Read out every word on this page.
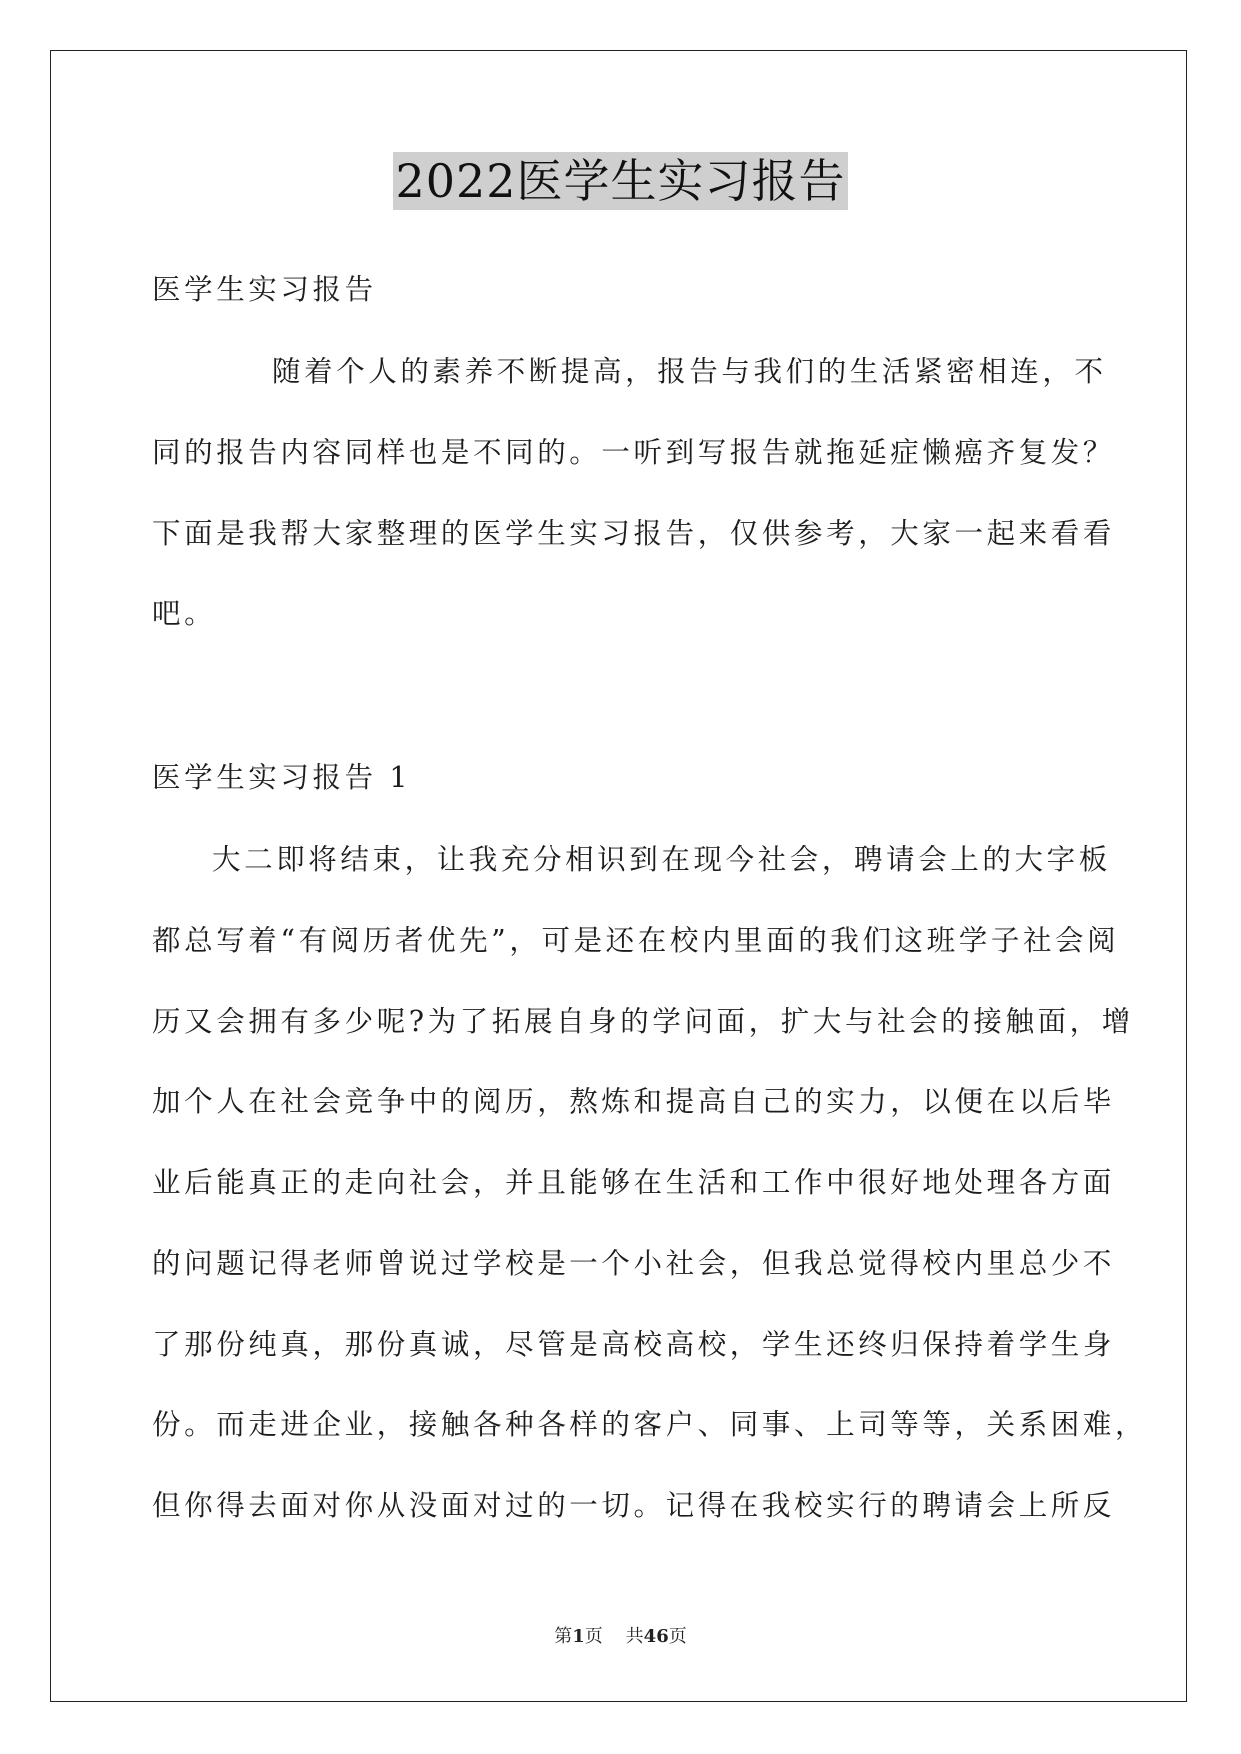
2022医学生实习报告
医学生实习报告
随着个人的素养不断提高，报告与我们的生活紧密相连，不
同的报告内容同样也是不同的。一听到写报告就拖延症懒癌齐复发？
下面是我帮大家整理的医学生实习报告，仅供参考，大家一起来看看
吧。
医学生实习报告 1
大二即将结束，让我充分相识到在现今社会，聘请会上的大字板
都总写着“有阅历者优先”，可是还在校内里面的我们这班学子社会阅
历又会拥有多少呢?为了拓展自身的学问面，扩大与社会的接触面，增
加个人在社会竞争中的阅历，熬炼和提高自己的实力，以便在以后毕
业后能真正的走向社会，并且能够在生活和工作中很好地处理各方面
的问题记得老师曾说过学校是一个小社会，但我总觉得校内里总少不
了那份纯真，那份真诚，尽管是高校高校，学生还终归保持着学生身
份。而走进企业，接触各种各样的客户、同事、上司等等，关系困难，
但你得去面对你从没面对过的一切。记得在我校实行的聘请会上所反
第1页 共46页
